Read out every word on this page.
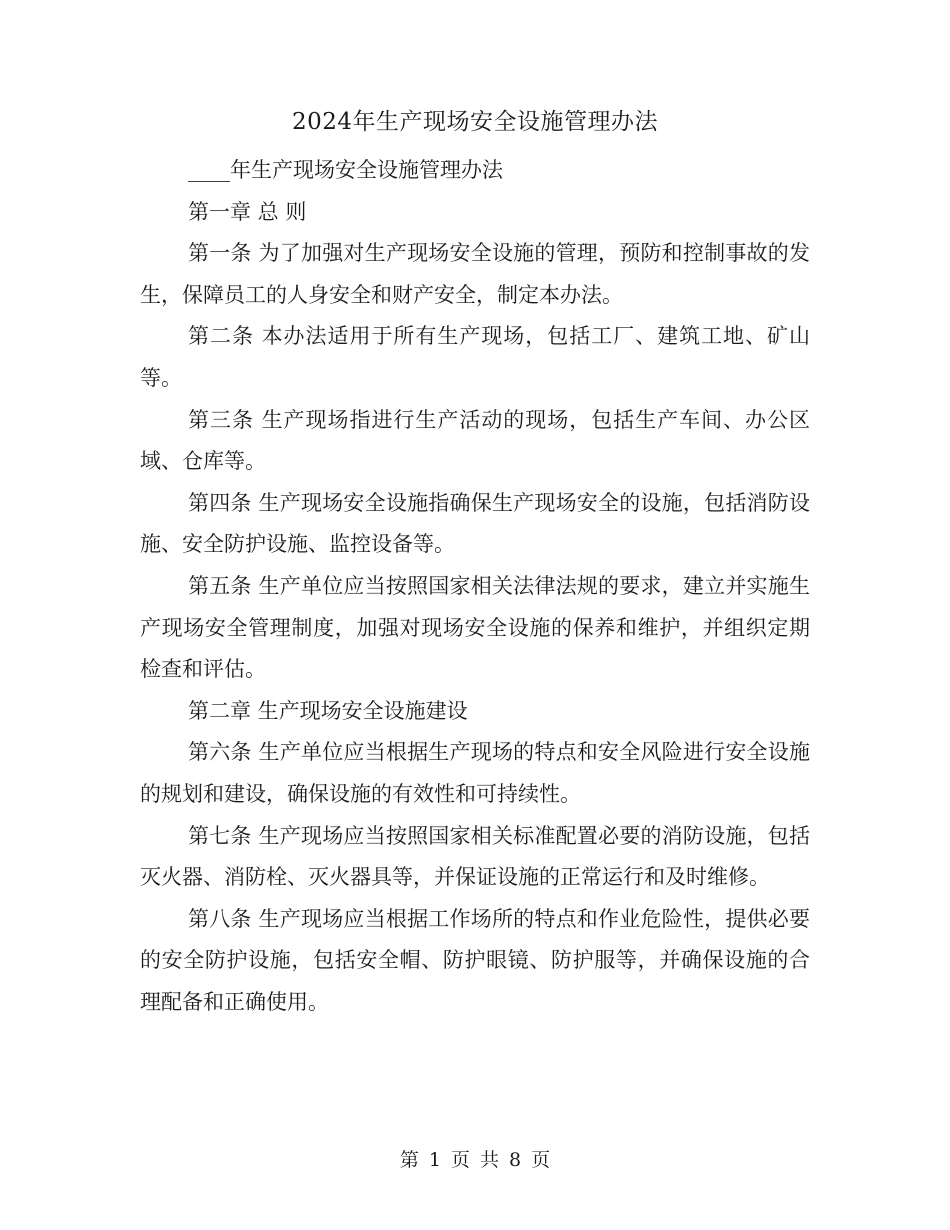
2024年生产现场安全设施管理办法

____年生产现场安全设施管理办法

第一章 总 则

第一条 为了加强对生产现场安全设施的管理，预防和控制事故的发生，保障员工的人身安全和财产安全，制定本办法。

第二条 本办法适用于所有生产现场，包括工厂、建筑工地、矿山等。

第三条 生产现场指进行生产活动的现场，包括生产车间、办公区域、仓库等。

第四条 生产现场安全设施指确保生产现场安全的设施，包括消防设施、安全防护设施、监控设备等。

第五条 生产单位应当按照国家相关法律法规的要求，建立并实施生产现场安全管理制度，加强对现场安全设施的保养和维护，并组织定期检查和评估。

第二章 生产现场安全设施建设

第六条 生产单位应当根据生产现场的特点和安全风险进行安全设施的规划和建设，确保设施的有效性和可持续性。

第七条 生产现场应当按照国家相关标准配置必要的消防设施，包括灭火器、消防栓、灭火器具等，并保证设施的正常运行和及时维修。

第八条 生产现场应当根据工作场所的特点和作业危险性，提供必要的安全防护设施，包括安全帽、防护眼镜、防护服等，并确保设施的合理配备和正确使用。

第 1 页 共 8 页
